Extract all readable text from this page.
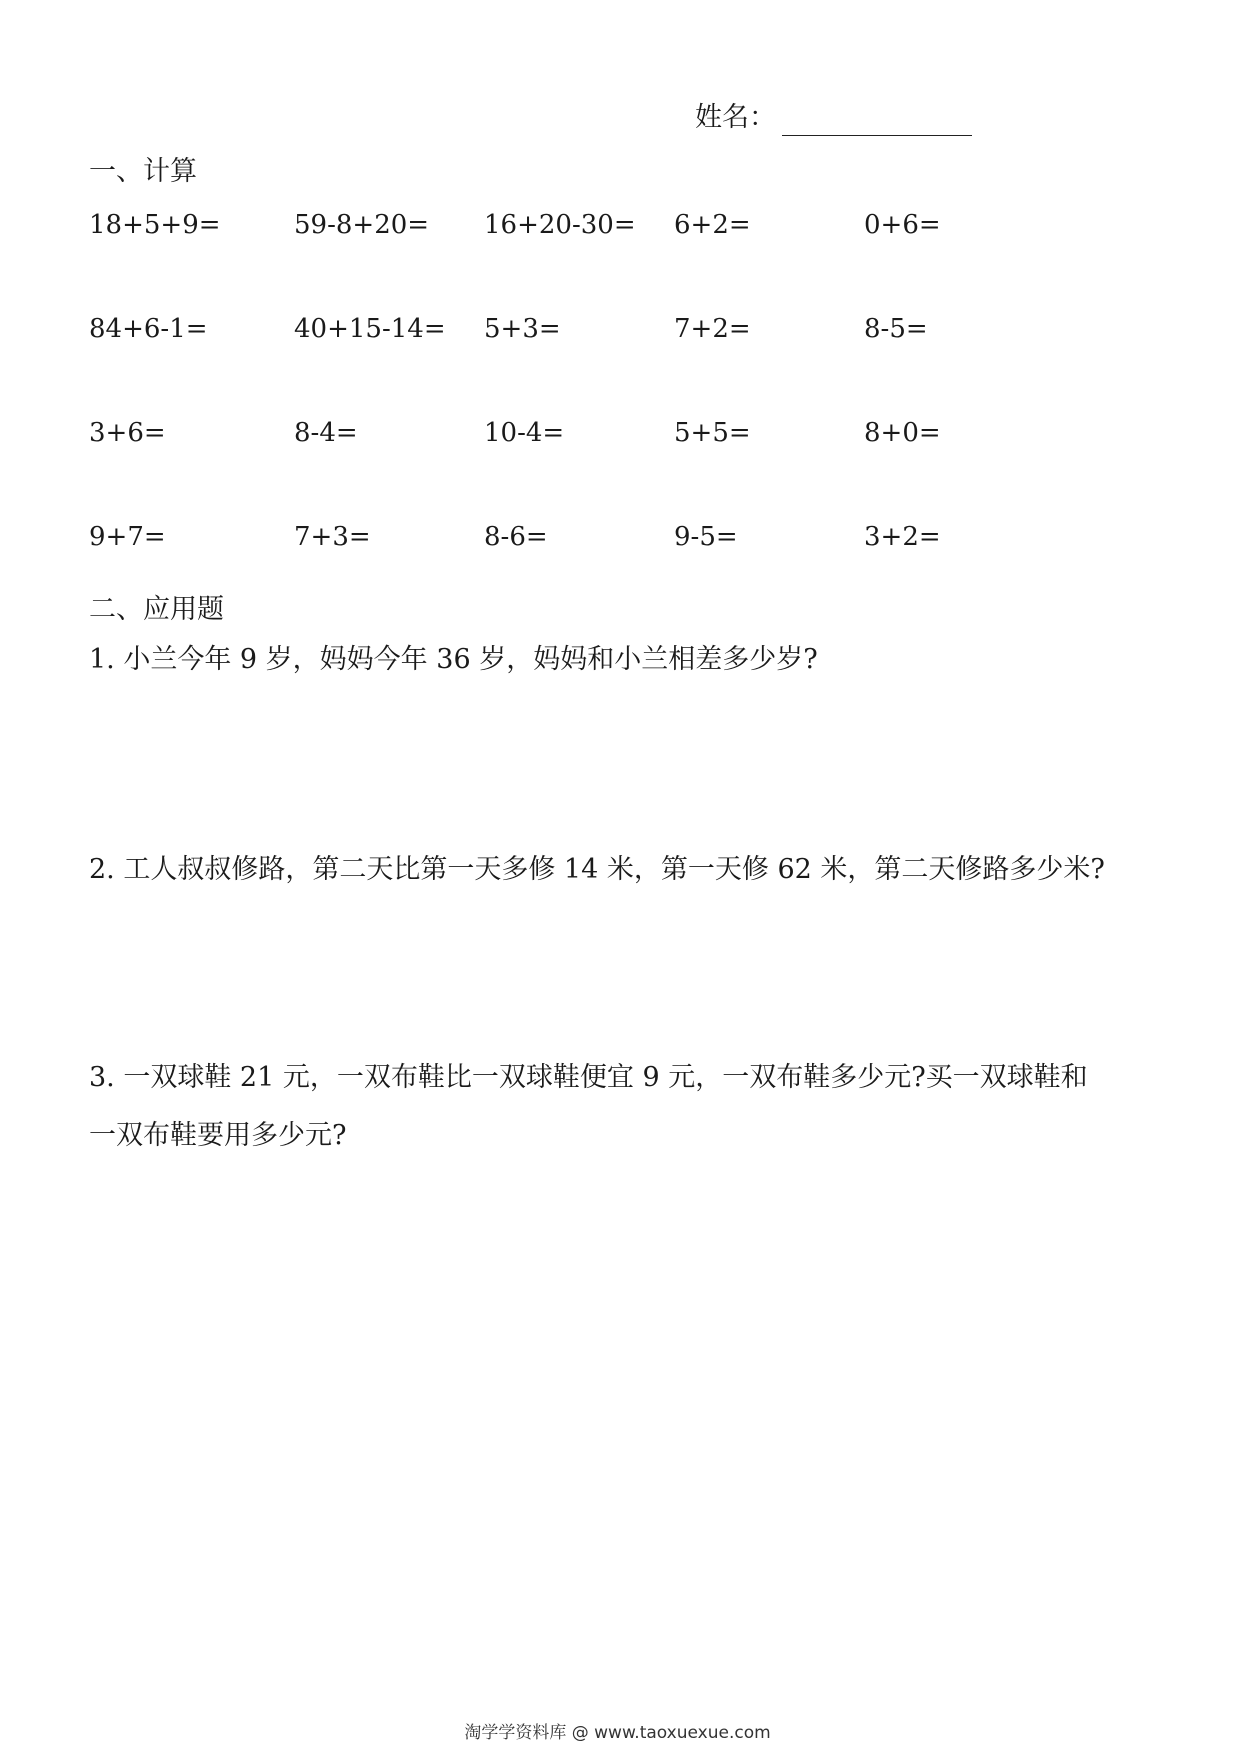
姓名：
一、计算
18+5+9=	59-8+20= 16+20-30= 6+2=	0+6=
84+6-1=	40+15-14= 5+3=	7+2=	8-5=
3+6=	8-4=	10-4=	5+5=	8+0=
9+7=	7+3=	8-6=	9-5=	3+2=
二、应用题
1. 小兰今年 9 岁，妈妈今年 36 岁，妈妈和小兰相差多少岁?
2. 工人叔叔修路，第二天比第一天多修 14 米，第一天修 62 米，第二天修路多少米?
3. 一双球鞋 21 元，一双布鞋比一双球鞋便宜 9 元，一双布鞋多少元?买一双球鞋和
一双布鞋要用多少元?
淘学学资料库 @ www.taoxuexue.com
